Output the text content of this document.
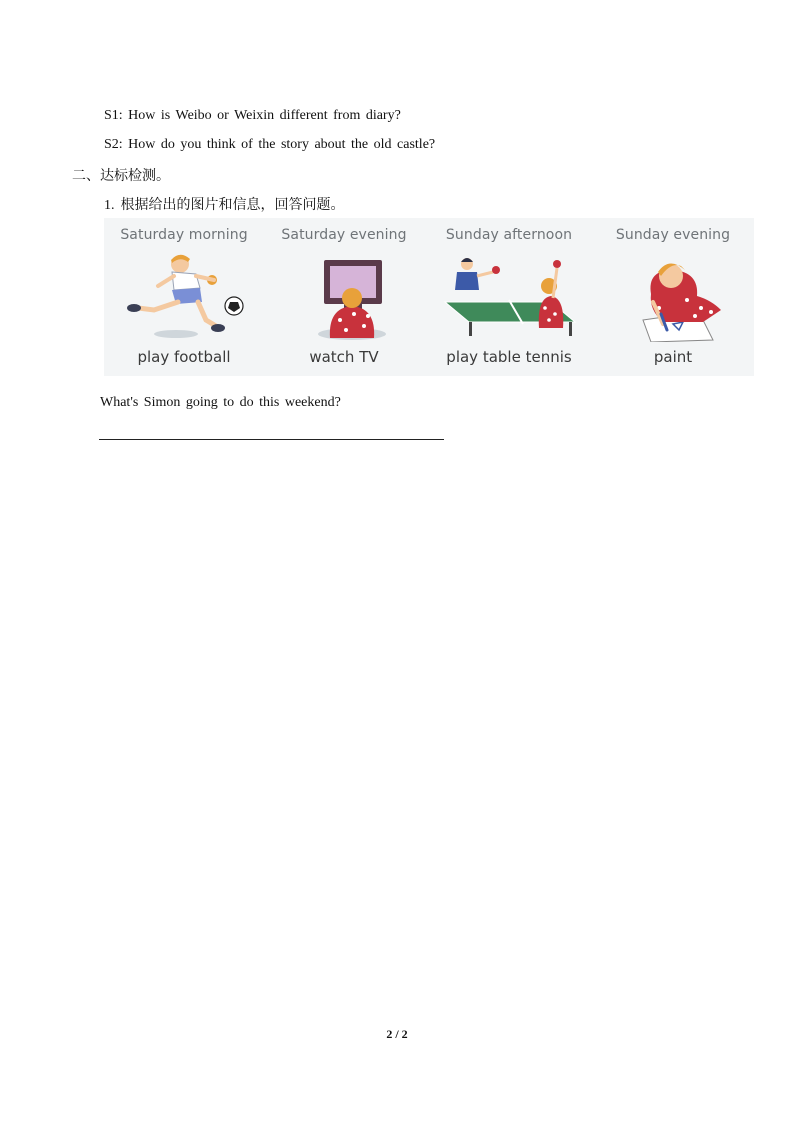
S1: How is Weibo or Weixin different from diary?
S2: How do you think of the story about the old castle?
二、达标检测。
1. 根据给出的图片和信息，回答问题。
Saturday morning
play football
Saturday evening
watch TV
Sunday afternoon
play table tennis
Sunday evening
paint
What's Simon going to do this weekend?
2 / 2
